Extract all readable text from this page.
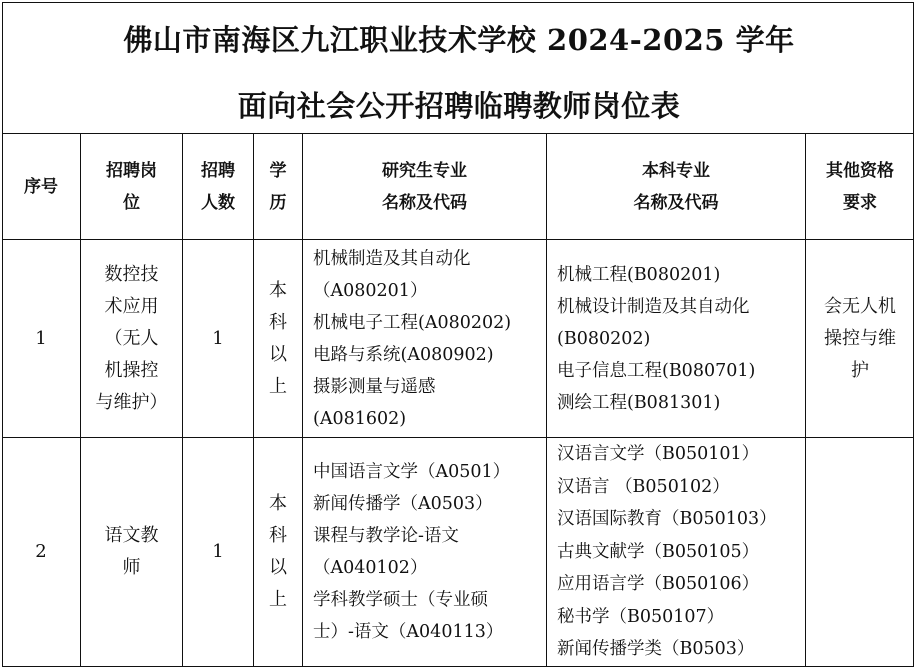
佛山市南海区九江职业技术学校 2024-2025 学年
面向社会公开招聘临聘教师岗位表
序号
招聘岗
位
招聘
人数
学
历
研究生专业
名称及代码
本科专业
名称及代码
其他资格
要求
1
数控技
术应用
（无人
机操控
与维护）
1
本
科
以
上
机械制造及其自动化
（A080201）
机械电子工程(A080202)
电路与系统(A080902)
摄影测量与遥感
(A081602)
机械工程(B080201)
机械设计制造及其自动化
(B080202)
电子信息工程(B080701)
测绘工程(B081301)
会无人机
操控与维
护
2
语文教
师
1
本
科
以
上
中国语言文学（A0501）
新闻传播学（A0503）
课程与教学论-语文
（A040102）
学科教学硕士（专业硕
士）-语文（A040113）
汉语言文学（B050101）
汉语言 （B050102）
汉语国际教育（B050103）
古典文献学（B050105）
应用语言学（B050106）
秘书学（B050107）
新闻传播学类（B0503）
